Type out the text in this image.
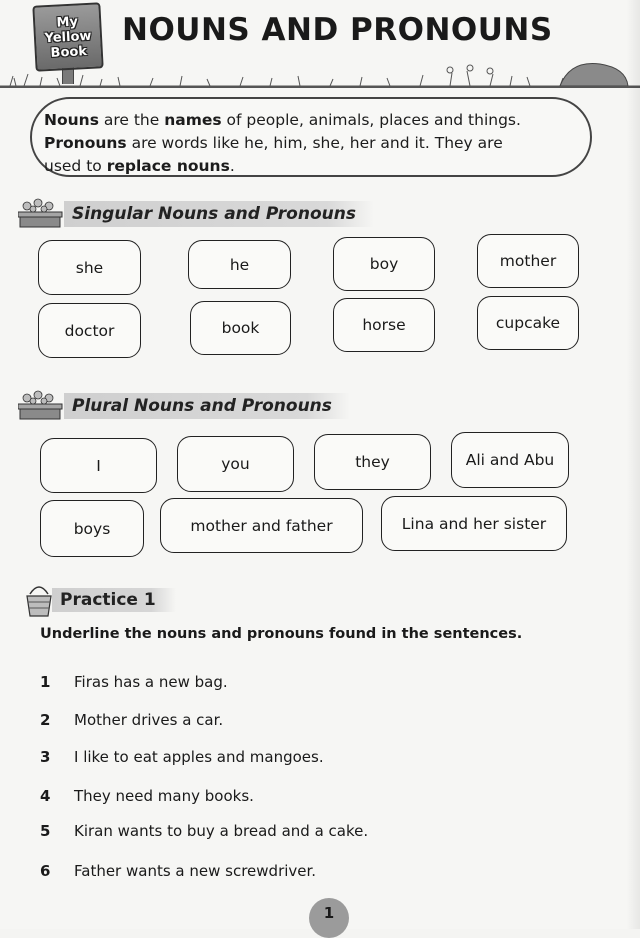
My
Yellow
Book
NOUNS AND PRONOUNS

Nouns are the names of people, animals, places and things.

Pronouns are words like he, him, she, her and it. They are

used to replace nouns.

Singular Nouns and Pronouns
she	he	boy	mother
doctor	book	horse	cupcake
Plural Nouns and Pronouns
I	you	they	Ali and Abu
boys	mother and father	Lina and her sister
Practice 1
Underline the nouns and pronouns found in the sentences.
1	Firas has a new bag.
2	Mother drives a car.
3	I like to eat apples and mangoes.
4	They need many books.
5	Kiran wants to buy a bread and a cake.
6	Father wants a new screwdriver.
1
